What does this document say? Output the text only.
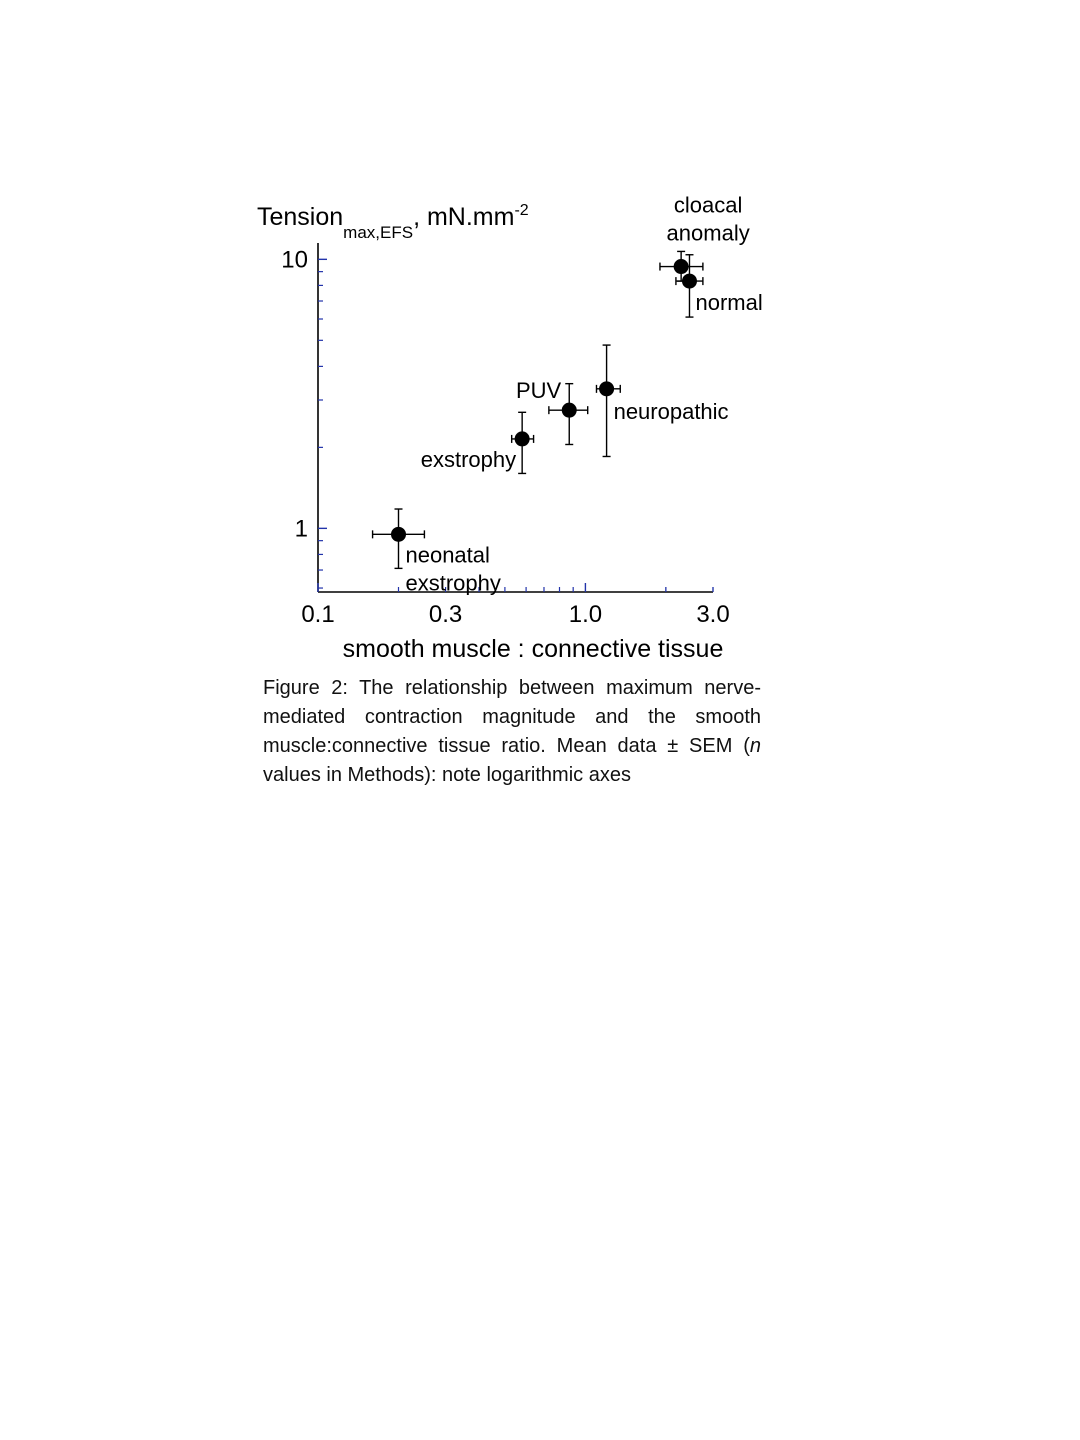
0.1	0.3	1.0	3.0
1
10
neonatal exstrophy
exstrophy
PUV
neuropathic
cloacal anomaly
normal
Tension$_{max,EFS}$, $mN.mm^{-2}$
smooth muscle : connective tissue
Figure 2: The relationship between maximum nerve-mediated contraction magnitude and the smooth muscle:connective tissue ratio. Mean data ± SEM (n values in Methods): note logarithmic axes
